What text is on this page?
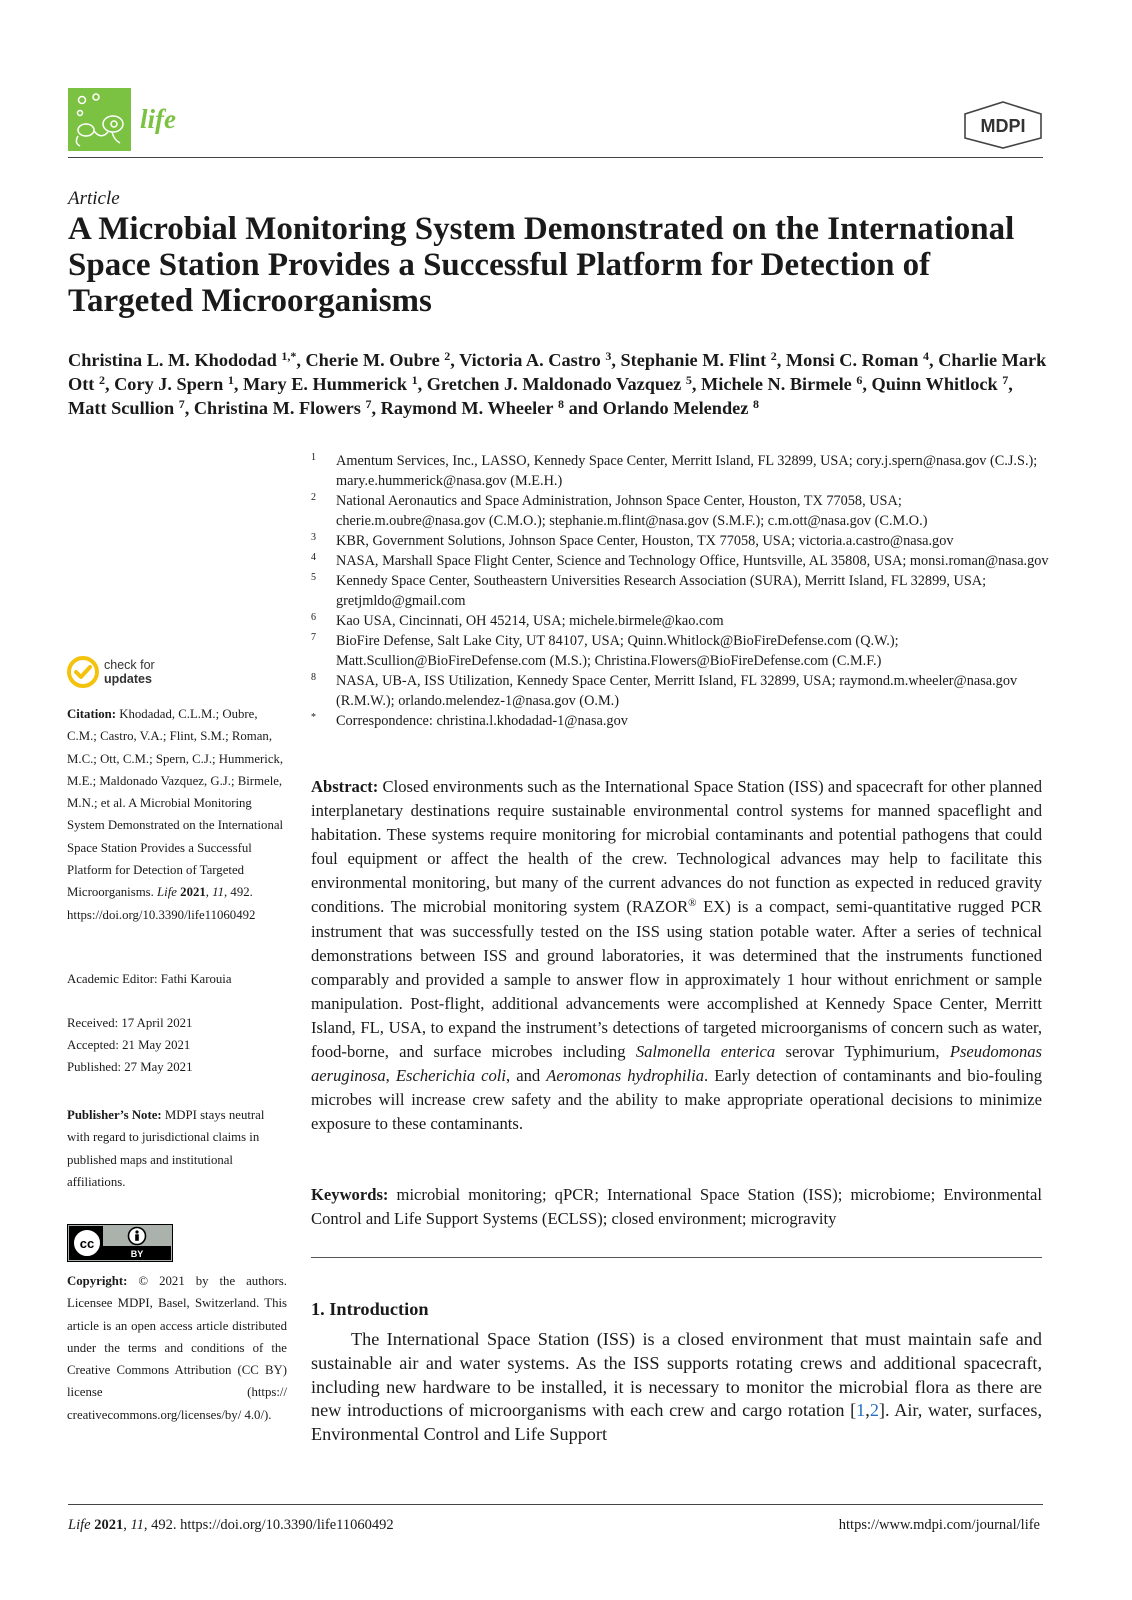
life	MDPI
Article
A Microbial Monitoring System Demonstrated on the International Space Station Provides a Successful Platform for Detection of Targeted Microorganisms

Christina L. M. Khododad $^{1,*}$, Cherie M. Oubre $^2$, Victoria A. Castro $^3$, Stephanie M. Flint $^2$, Monsi C. Roman $^4$, Charlie Mark Ott $^2$, Cory J. Spern $^1$, Mary E. Hummerick $^1$, Gretchen J. Maldonado Vazquez $^5$, Michele N. Birmele $^6$, Quinn Whitlock $^7$, Matt Scullion $^7$, Christina M. Flowers $^7$, Raymond M. Wheeler $^8$ and Orlando Melendez $^8$

1	Amentum Services, Inc., LASSO, Kennedy Space Center, Merritt Island, FL 32899, USA; cory.j.spern@nasa.gov (C.J.S.); mary.e.hummerick@nasa.gov (M.E.H.)
2	National Aeronautics and Space Administration, Johnson Space Center, Houston, TX 77058, USA; cherie.m.oubre@nasa.gov (C.M.O.); stephanie.m.flint@nasa.gov (S.M.F.); c.m.ott@nasa.gov (C.M.O.)
3	KBR, Government Solutions, Johnson Space Center, Houston, TX 77058, USA; victoria.a.castro@nasa.gov
4	NASA, Marshall Space Flight Center, Science and Technology Office, Huntsville, AL 35808, USA; monsi.roman@nasa.gov
5	Kennedy Space Center, Southeastern Universities Research Association (SURA), Merritt Island, FL 32899, USA; gretjmldo@gmail.com
6	Kao USA, Cincinnati, OH 45214, USA; michele.birmele@kao.com
7	BioFire Defense, Salt Lake City, UT 84107, USA; Quinn.Whitlock@BioFireDefense.com (Q.W.); Matt.Scullion@BioFireDefense.com (M.S.); Christina.Flowers@BioFireDefense.com (C.M.F.)
8	NASA, UB-A, ISS Utilization, Kennedy Space Center, Merritt Island, FL 32899, USA; raymond.m.wheeler@nasa.gov (R.M.W.); orlando.melendez-1@nasa.gov (O.M.)
*	Correspondence: christina.l.khodadad-1@nasa.gov

Abstract: Closed environments such as the International Space Station (ISS) and spacecraft for other planned interplanetary destinations require sustainable environmental control systems for manned spaceflight and habitation. These systems require monitoring for microbial contaminants and potential pathogens that could foul equipment or affect the health of the crew. Technological advances may help to facilitate this environmental monitoring, but many of the current advances do not function as expected in reduced gravity conditions. The microbial monitoring system (RAZOR® EX) is a compact, semi-quantitative rugged PCR instrument that was successfully tested on the ISS using station potable water. After a series of technical demonstrations between ISS and ground laboratories, it was determined that the instruments functioned comparably and provided a sample to answer flow in approximately 1 hour without enrichment or sample manipulation. Post-flight, additional advancements were accomplished at Kennedy Space Center, Merritt Island, FL, USA, to expand the instrument’s detections of targeted microorganisms of concern such as water, food-borne, and surface microbes including Salmonella enterica serovar Typhimurium, Pseudomonas aeruginosa, Escherichia coli, and Aeromonas hydrophilia. Early detection of contaminants and bio-fouling microbes will increase crew safety and the ability to make appropriate operational decisions to minimize exposure to these contaminants.

Keywords: microbial monitoring; qPCR; International Space Station (ISS); microbiome; Environmental Control and Life Support Systems (ECLSS); closed environment; microgravity

1. Introduction

The International Space Station (ISS) is a closed environment that must maintain safe and sustainable air and water systems. As the ISS supports rotating crews and additional spacecraft, including new hardware to be installed, it is necessary to monitor the microbial flora as there are new introductions of microorganisms with each crew and cargo rotation [1,2]. Air, water, surfaces, Environmental Control and Life Support

check for
updates

Citation: Khodadad, C.L.M.; Oubre, C.M.; Castro, V.A.; Flint, S.M.; Roman, M.C.; Ott, C.M.; Spern, C.J.; Hummerick, M.E.; Maldonado Vazquez, G.J.; Birmele, M.N.; et al. A Microbial Monitoring System Demonstrated on the International Space Station Provides a Successful Platform for Detection of Targeted Microorganisms. Life 2021, 11, 492. https://doi.org/10.3390/life11060492

Academic Editor: Fathi Karouia

Received: 17 April 2021

Accepted: 21 May 2021

Published: 27 May 2021

Publisher’s Note: MDPI stays neutral with regard to jurisdictional claims in published maps and institutional affiliations.

cc
BY

Copyright: © 2021 by the authors. Licensee MDPI, Basel, Switzerland. This article is an open access article distributed under the terms and conditions of the Creative Commons Attribution (CC BY) license (https:// creativecommons.org/licenses/by/ 4.0/).

Life 2021, 11, 492. https://doi.org/10.3390/life11060492	https://www.mdpi.com/journal/life
